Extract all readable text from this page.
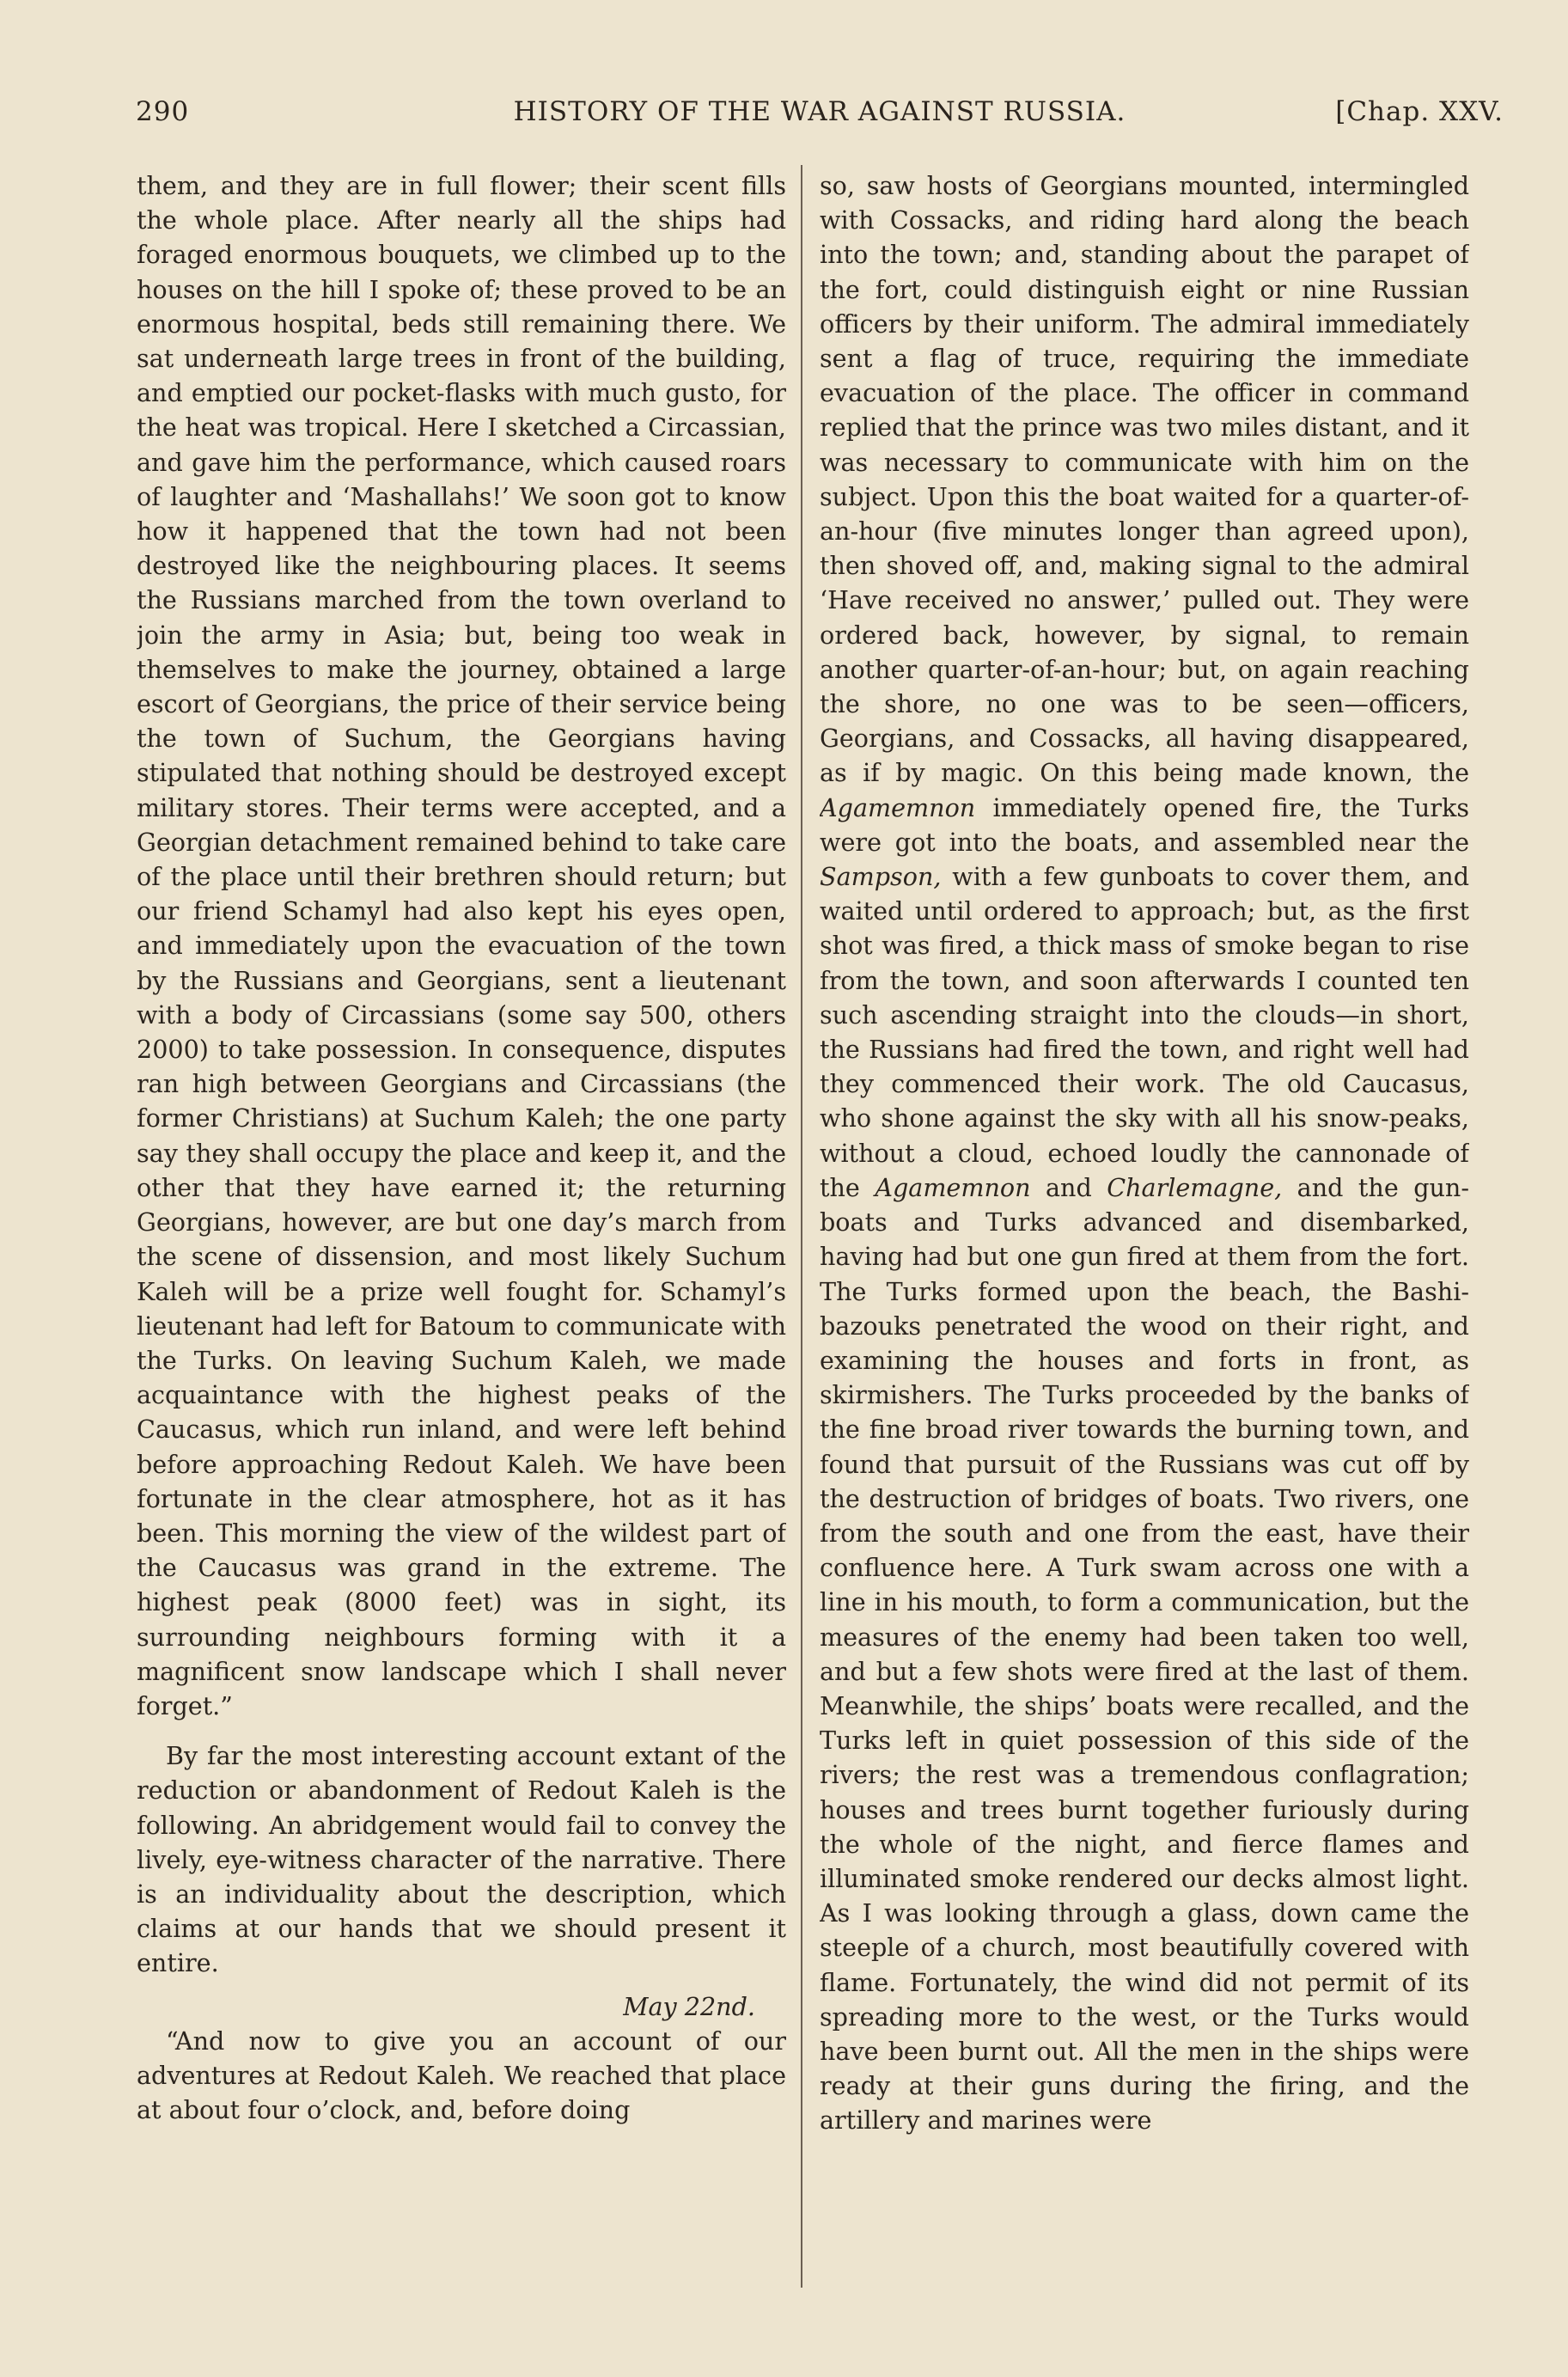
290	HISTORY OF THE WAR AGAINST RUSSIA.	[Chap. XXV.

them, and they are in full flower; their scent fills the whole place. After nearly all the ships had foraged enormous bouquets, we climbed up to the houses on the hill I spoke of; these proved to be an enormous hospital, beds still remaining there. We sat underneath large trees in front of the building, and emptied our pocket-flasks with much gusto, for the heat was tropical. Here I sketched a Circassian, and gave him the performance, which caused roars of laughter and ‘Mashallahs!’ We soon got to know how it happened that the town had not been destroyed like the neighbouring places. It seems the Russians marched from the town overland to join the army in Asia; but, being too weak in themselves to make the journey, obtained a large escort of Georgians, the price of their service being the town of Suchum, the Georgians having stipulated that nothing should be destroyed except military stores. Their terms were accepted, and a Georgian detachment remained behind to take care of the place until their brethren should return; but our friend Schamyl had also kept his eyes open, and immediately upon the evacuation of the town by the Russians and Georgians, sent a lieutenant with a body of Circassians (some say 500, others 2000) to take possession. In consequence, disputes ran high between Georgians and Circassians (the former Christians) at Suchum Kaleh; the one party say they shall occupy the place and keep it, and the other that they have earned it; the returning Georgians, however, are but one day’s march from the scene of dissension, and most likely Suchum Kaleh will be a prize well fought for. Schamyl’s lieutenant had left for Batoum to communicate with the Turks. On leaving Suchum Kaleh, we made acquaintance with the highest peaks of the Caucasus, which run inland, and were left behind before approaching Redout Kaleh. We have been fortunate in the clear atmosphere, hot as it has been. This morning the view of the wildest part of the Caucasus was grand in the extreme. The highest peak (8000 feet) was in sight, its surrounding neighbours forming with it a magnificent snow landscape which I shall never forget.”

By far the most interesting account extant of the reduction or abandonment of Redout Kaleh is the following. An abridgement would fail to convey the lively, eye-witness character of the narrative. There is an individuality about the description, which claims at our hands that we should present it entire.

May 22nd.

“And now to give you an account of our adventures at Redout Kaleh. We reached that place at about four o’clock, and, before doing

so, saw hosts of Georgians mounted, intermingled with Cossacks, and riding hard along the beach into the town; and, standing about the parapet of the fort, could distinguish eight or nine Russian officers by their uniform. The admiral immediately sent a flag of truce, requiring the immediate evacuation of the place. The officer in command replied that the prince was two miles distant, and it was necessary to communicate with him on the subject. Upon this the boat waited for a quarter-of-an-hour (five minutes longer than agreed upon), then shoved off, and, making signal to the admiral ‘Have received no answer,’ pulled out. They were ordered back, however, by signal, to remain another quarter-of-an-hour; but, on again reaching the shore, no one was to be seen—officers, Georgians, and Cossacks, all having disappeared, as if by magic. On this being made known, the Agamemnon immediately opened fire, the Turks were got into the boats, and assembled near the Sampson, with a few gunboats to cover them, and waited until ordered to approach; but, as the first shot was fired, a thick mass of smoke began to rise from the town, and soon afterwards I counted ten such ascending straight into the clouds—in short, the Russians had fired the town, and right well had they commenced their work. The old Caucasus, who shone against the sky with all his snow-peaks, without a cloud, echoed loudly the cannonade of the Agamemnon and Charlemagne, and the gun-boats and Turks advanced and disembarked, having had but one gun fired at them from the fort. The Turks formed upon the beach, the Bashi-bazouks penetrated the wood on their right, and examining the houses and forts in front, as skirmishers. The Turks proceeded by the banks of the fine broad river towards the burning town, and found that pursuit of the Russians was cut off by the destruction of bridges of boats. Two rivers, one from the south and one from the east, have their confluence here. A Turk swam across one with a line in his mouth, to form a communication, but the measures of the enemy had been taken too well, and but a few shots were fired at the last of them. Meanwhile, the ships’ boats were recalled, and the Turks left in quiet possession of this side of the rivers; the rest was a tremendous conflagration; houses and trees burnt together furiously during the whole of the night, and fierce flames and illuminated smoke rendered our decks almost light. As I was looking through a glass, down came the steeple of a church, most beautifully covered with flame. Fortunately, the wind did not permit of its spreading more to the west, or the Turks would have been burnt out. All the men in the ships were ready at their guns during the firing, and the artillery and marines were
